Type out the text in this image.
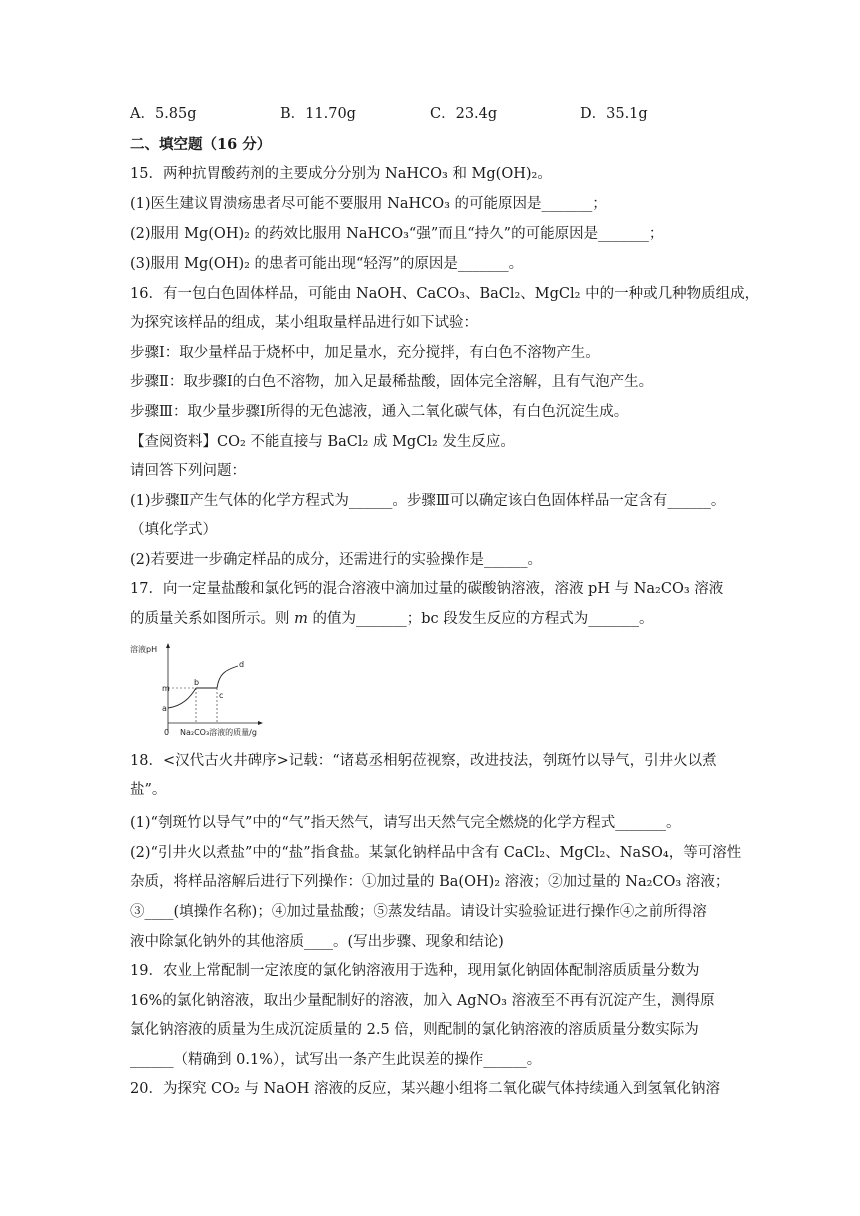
A．5.85g	B．11.70g	C．23.4g	D．35.1g
二、填空题（16 分）
15．两种抗胃酸药剂的主要成分分别为 NaHCO₃ 和 Mg(OH)₂。
(1)医生建议胃溃疡患者尽可能不要服用 NaHCO₃ 的可能原因是_______；
(2)服用 Mg(OH)₂ 的药效比服用 NaHCO₃“强”而且“持久”的可能原因是_______；
(3)服用 Mg(OH)₂ 的患者可能出现“轻泻”的原因是_______。
16．有一包白色固体样品，可能由 NaOH、CaCO₃、BaCl₂、MgCl₂ 中的一种或几种物质组成，
为探究该样品的组成，某小组取量样品进行如下试验：
步骤Ⅰ：取少量样品于烧杯中，加足量水，充分搅拌，有白色不溶物产生。
步骤Ⅱ：取步骤Ⅰ的白色不溶物，加入足最稀盐酸，固体完全溶解，且有气泡产生。
步骤Ⅲ：取少量步骤Ⅰ所得的无色滤液，通入二氧化碳气体，有白色沉淀生成。
【查阅资料】CO₂ 不能直接与 BaCl₂ 成 MgCl₂ 发生反应。
请回答下列问题：
(1)步骤Ⅱ产生气体的化学方程式为______。步骤Ⅲ可以确定该白色固体样品一定含有______。
（填化学式）
(2)若要进一步确定样品的成分，还需进行的实验操作是______。
17．向一定量盐酸和氯化钙的混合溶液中滴加过量的碳酸钠溶液，溶液 pH 与 Na₂CO₃ 溶液
的质量关系如图所示。则 m 的值为_______；bc 段发生反应的方程式为_______。
溶液pH
m
a
b
c
d
0 Na₂CO₃溶液的质量/g
18．<汉代古火井碑序>记载：“诸葛丞相躬莅视察，改进技法，刳斑竹以导气，引井火以煮
盐”。
(1)“刳斑竹以导气”中的“气”指天然气，请写出天然气完全燃烧的化学方程式_______。
(2)“引井火以煮盐”中的“盐”指食盐。某氯化钠样品中含有 CaCl₂、MgCl₂、NaSO₄，等可溶性
杂质，将样品溶解后进行下列操作：①加过量的 Ba(OH)₂ 溶液；②加过量的 Na₂CO₃ 溶液；
③____(填操作名称)；④加过量盐酸；⑤蒸发结晶。请设计实验验证进行操作④之前所得溶
液中除氯化钠外的其他溶质____。(写出步骤、现象和结论)
19．农业上常配制一定浓度的氯化钠溶液用于选种，现用氯化钠固体配制溶质质量分数为
16%的氯化钠溶液，取出少量配制好的溶液，加入 AgNO₃ 溶液至不再有沉淀产生，测得原
氯化钠溶液的质量为生成沉淀质量的 2.5 倍，则配制的氯化钠溶液的溶质质量分数实际为
______（精确到 0.1%），试写出一条产生此误差的操作______。
20．为探究 CO₂ 与 NaOH 溶液的反应，某兴趣小组将二氧化碳气体持续通入到氢氧化钠溶
